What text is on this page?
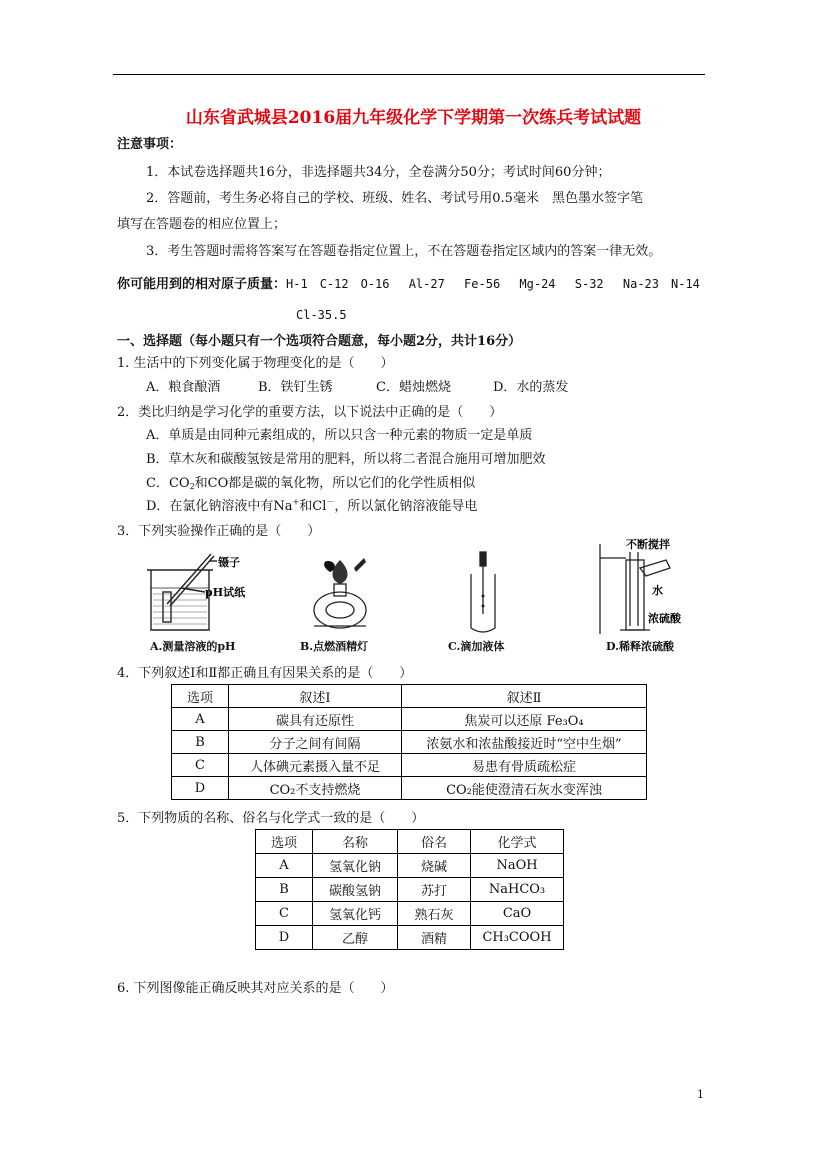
山东省武城县2016届九年级化学下学期第一次练兵考试试题
注意事项：
1．本试卷选择题共16分，非选择题共34分，全卷满分50分；考试时间60分钟；
2．答题前，考生务必将自己的学校、班级、姓名、考试号用0.5毫米　黑色墨水签字笔
填写在答题卷的相应位置上；
3．考生答题时需将答案写在答题卷指定位置上，不在答题卷指定区域内的答案一律无效。
你可能用到的相对原子质量：H-1　C-12　O-16　 Al-27　 Fe-56　 Mg-24　 S-32　 Na-23　N-14
Cl-35.5
一、选择题（每小题只有一个选项符合题意，每小题2分，共计16分）
1. 生活中的下列变化属于物理变化的是（　　）
A．粮食酿酒	B．铁钉生锈	C．蜡烛燃烧	D．水的蒸发
2．类比归纳是学习化学的重要方法，以下说法中正确的是（　　）
A．单质是由同种元素组成的，所以只含一种元素的物质一定是单质
B．草木灰和碳酸氢铵是常用的肥料，所以将二者混合施用可增加肥效
C．$CO_2$和CO都是碳的氧化物，所以它们的化学性质相似
D．在氯化钠溶液中有Na+和Cl－，所以氯化钠溶液能导电
3．下列实验操作正确的是（　　）
镊子
pH试纸
不断搅拌
水
浓硫酸
A.测量溶液的pH	B.点燃酒精灯	C.滴加液体	D.稀释浓硫酸
4．下列叙述Ⅰ和Ⅱ都正确且有因果关系的是（　　）
选项	叙述Ⅰ	叙述Ⅱ
A	碳具有还原性	焦炭可以还原 Fe₃O₄
B	分子之间有间隔	浓氨水和浓盐酸接近时“空中生烟”
C	人体碘元素摄入量不足	易患有骨质疏松症
D	CO₂不支持燃烧	CO₂能使澄清石灰水变浑浊
5．下列物质的名称、俗名与化学式一致的是（　　）
选项	名称	俗名	化学式
A	氢氧化钠	烧碱	NaOH
B	碳酸氢钠	苏打	NaHCO₃
C	氢氧化钙	熟石灰	CaO
D	乙醇	酒精	CH₃COOH
6. 下列图像能正确反映其对应关系的是（　　）
1
